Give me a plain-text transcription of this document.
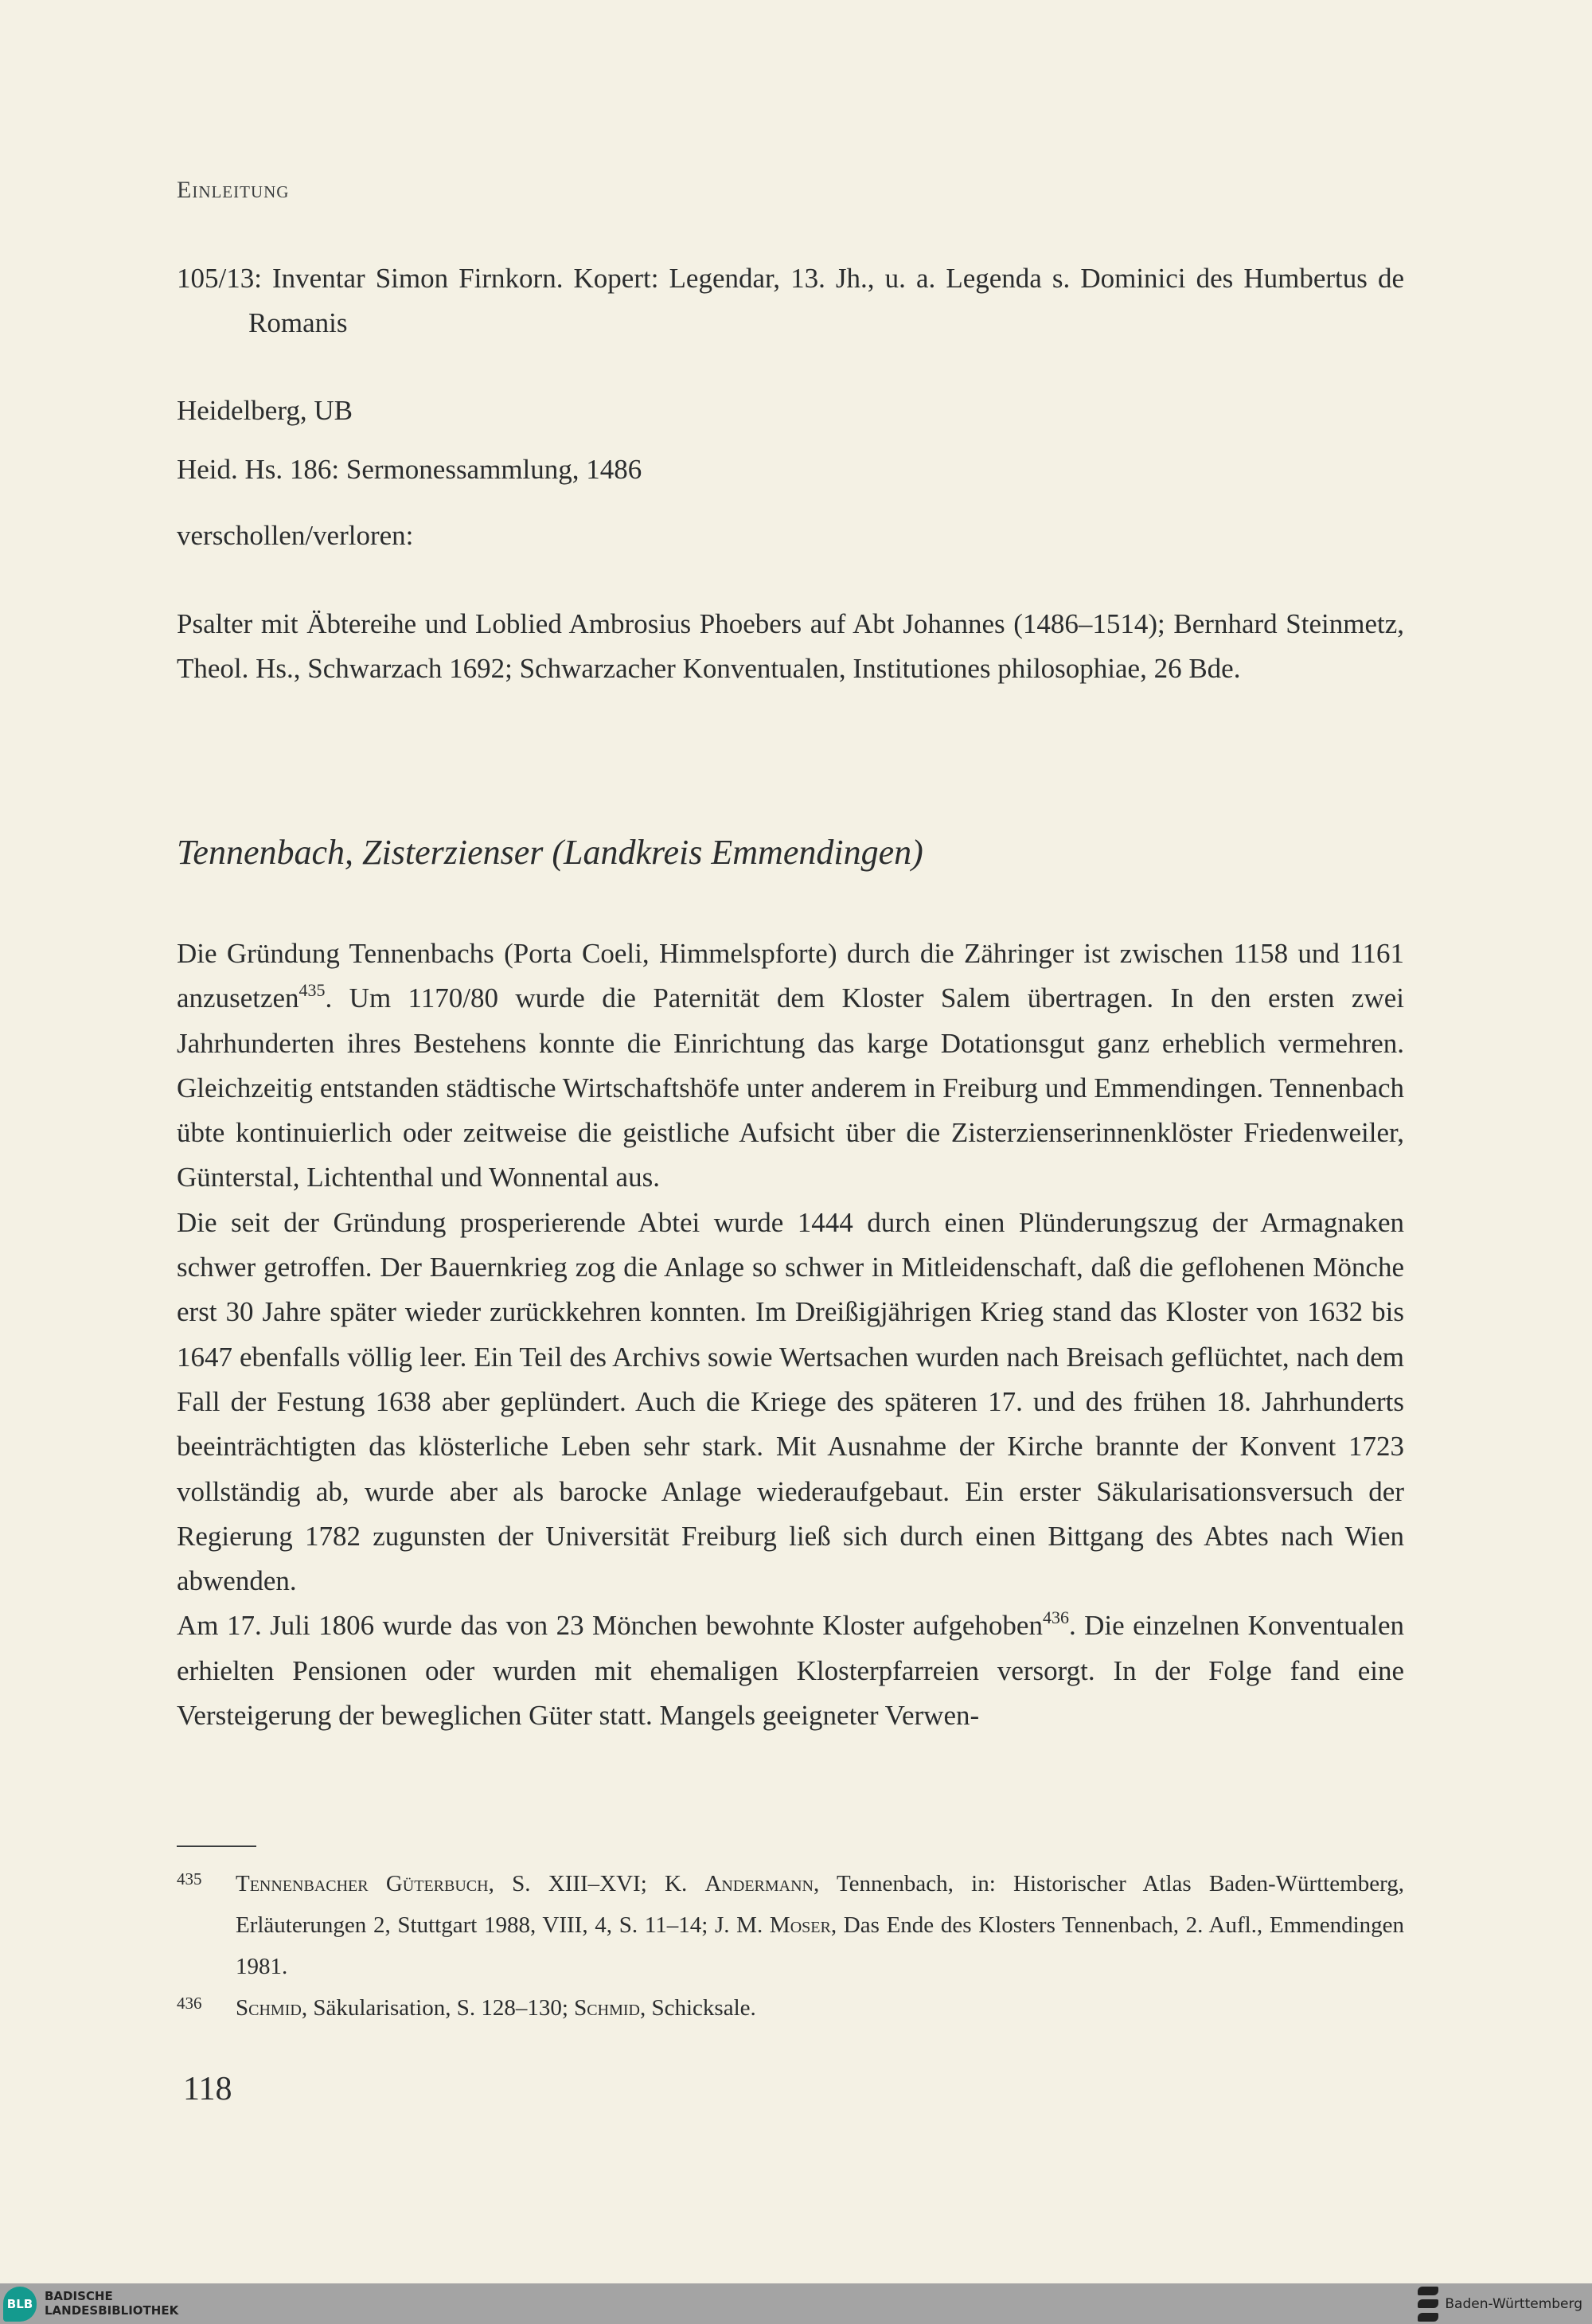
Einleitung

105/13: Inventar Simon Firnkorn. Kopert: Legendar, 13. Jh., u. a. Legenda s. Dominici des Humbertus de Romanis

Heidelberg, UB

Heid. Hs. 186: Sermonessammlung, 1486

verschollen/verloren:

Psalter mit Äbtereihe und Loblied Ambrosius Phoebers auf Abt Johannes (1486–1514); Bernhard Steinmetz, Theol. Hs., Schwarzach 1692; Schwarzacher Konventualen, Institutiones philosophiae, 26 Bde.

Tennenbach, Zisterzienser (Landkreis Emmendingen)

Die Gründung Tennenbachs (Porta Coeli, Himmelspforte) durch die Zähringer ist zwischen 1158 und 1161 anzusetzen$^{435}$. Um 1170/80 wurde die Paternität dem Kloster Salem übertragen. In den ersten zwei Jahrhunderten ihres Bestehens konnte die Einrichtung das karge Dotationsgut ganz erheblich vermehren. Gleichzeitig entstanden städtische Wirtschaftshöfe unter anderem in Freiburg und Emmendingen. Tennenbach übte kontinuierlich oder zeitweise die geistliche Aufsicht über die Zisterzienserinnenklöster Friedenweiler, Günterstal, Lichtenthal und Wonnental aus.

Die seit der Gründung prosperierende Abtei wurde 1444 durch einen Plünderungszug der Armagnaken schwer getroffen. Der Bauernkrieg zog die Anlage so schwer in Mitleidenschaft, daß die geflohenen Mönche erst 30 Jahre später wieder zurückkehren konnten. Im Dreißigjährigen Krieg stand das Kloster von 1632 bis 1647 ebenfalls völlig leer. Ein Teil des Archivs sowie Wertsachen wurden nach Breisach geflüchtet, nach dem Fall der Festung 1638 aber geplündert. Auch die Kriege des späteren 17. und des frühen 18. Jahrhunderts beeinträchtigten das klösterliche Leben sehr stark. Mit Ausnahme der Kirche brannte der Konvent 1723 vollständig ab, wurde aber als barocke Anlage wiederaufgebaut. Ein erster Säkularisationsversuch der Regierung 1782 zugunsten der Universität Freiburg ließ sich durch einen Bittgang des Abtes nach Wien abwenden.

Am 17. Juli 1806 wurde das von 23 Mönchen bewohnte Kloster aufgehoben$^{436}$. Die einzelnen Konventualen erhielten Pensionen oder wurden mit ehemaligen Klosterpfarreien versorgt. In der Folge fand eine Versteigerung der beweglichen Güter statt. Mangels geeigneter Verwen-

435 Tennenbacher Güterbuch, S. XIII–XVI; K. Andermann, Tennenbach, in: Historischer Atlas Baden-Württemberg, Erläuterungen 2, Stuttgart 1988, VIII, 4, S. 11–14; J. M. Moser, Das Ende des Klosters Tennenbach, 2. Aufl., Emmendingen 1981.

436 Schmid, Säkularisation, S. 128–130; Schmid, Schicksale.

118
BLB
BADISCHE
LANDESBIBLIOTHEK	Baden-Württemberg
